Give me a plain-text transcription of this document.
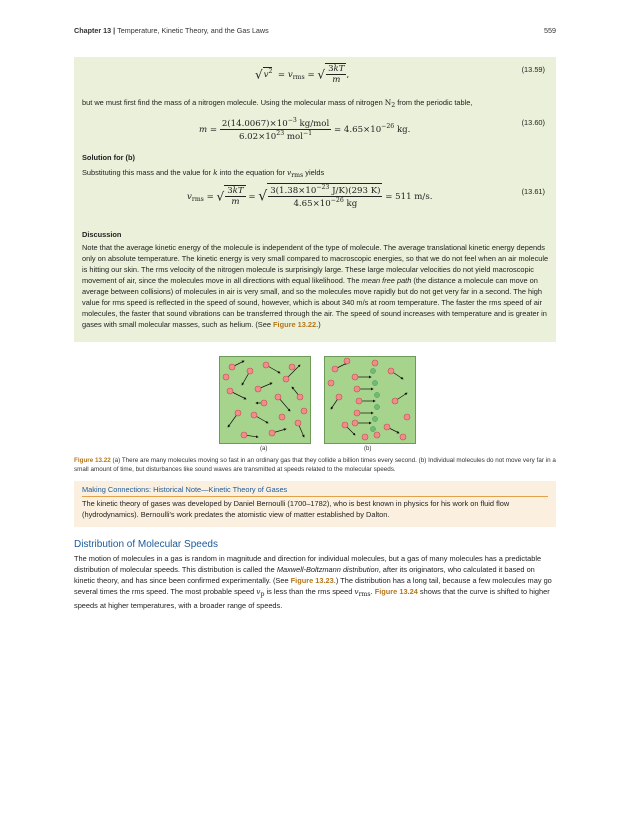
Chapter 13 | Temperature, Kinetic Theory, and the Gas Laws	559
$√v^2 = v_{rms}$ = √ $\frac{3kT}{m}$ ,
(13.59)
but we must first find the mass of a nitrogen molecule. Using the molecular mass of nitrogen $N_2$ from the periodic table,
$m = \frac{2(14.0067)\times 10^{-3} kg/mol}{6.02\times 10^{23} mol^{-1}} = 4.65\times 10^{-26}$ kg.
(13.60)
Solution for (b)
Substituting this mass and the value for k into the equation for $v_{rms}$ yields
$v_{rms}$ = √ $\frac{3kT}{m}$ = √ $\frac{3(1.38\times 10^{-23} J/K)(293 K)}{4.65\times 10^{-26} kg} = 511$ m/s.
(13.61)
Discussion

Note that the average kinetic energy of the molecule is independent of the type of molecule. The average translational kinetic energy depends only on absolute temperature. The kinetic energy is very small compared to macroscopic energies, so that we do not feel when an air molecule is hitting our skin. The rms velocity of the nitrogen molecule is surprisingly large. These large molecular velocities do not yield macroscopic movement of air, since the molecules move in all directions with equal likelihood. The mean free path (the distance a molecule can move on average between collisions) of molecules in air is very small, and so the molecules move rapidly but do not get very far in a second. The high value for rms speed is reflected in the speed of sound, however, which is about 340 m/s at room temperature. The faster the rms speed of air molecules, the faster that sound vibrations can be transferred through the air. The speed of sound increases with temperature and is greater in gases with small molecular masses, such as helium. (See Figure 13.22.)

(a)	(b)
Figure 13.22 (a) There are many molecules moving so fast in an ordinary gas that they collide a billion times every second. (b) Individual molecules do not move very far in a small amount of time, but disturbances like sound waves are transmitted at speeds related to the molecular speeds.
Making Connections: Historical Note—Kinetic Theory of Gases
The kinetic theory of gases was developed by Daniel Bernoulli (1700–1782), who is best known in physics for his work on fluid flow (hydrodynamics). Bernoulli's work predates the atomistic view of matter established by Dalton.
Distribution of Molecular Speeds
The motion of molecules in a gas is random in magnitude and direction for individual molecules, but a gas of many molecules has a predictable distribution of molecular speeds. This distribution is called the Maxwell-Boltzmann distribution, after its originators, who calculated it based on kinetic theory, and has since been confirmed experimentally. (See Figure 13.23.) The distribution has a long tail, because a few molecules may go several times the rms speed. The most probable speed $v_p$ is less than the rms speed $v_{rms}$. Figure 13.24 shows that the curve is shifted to higher speeds at higher temperatures, with a broader range of speeds.
